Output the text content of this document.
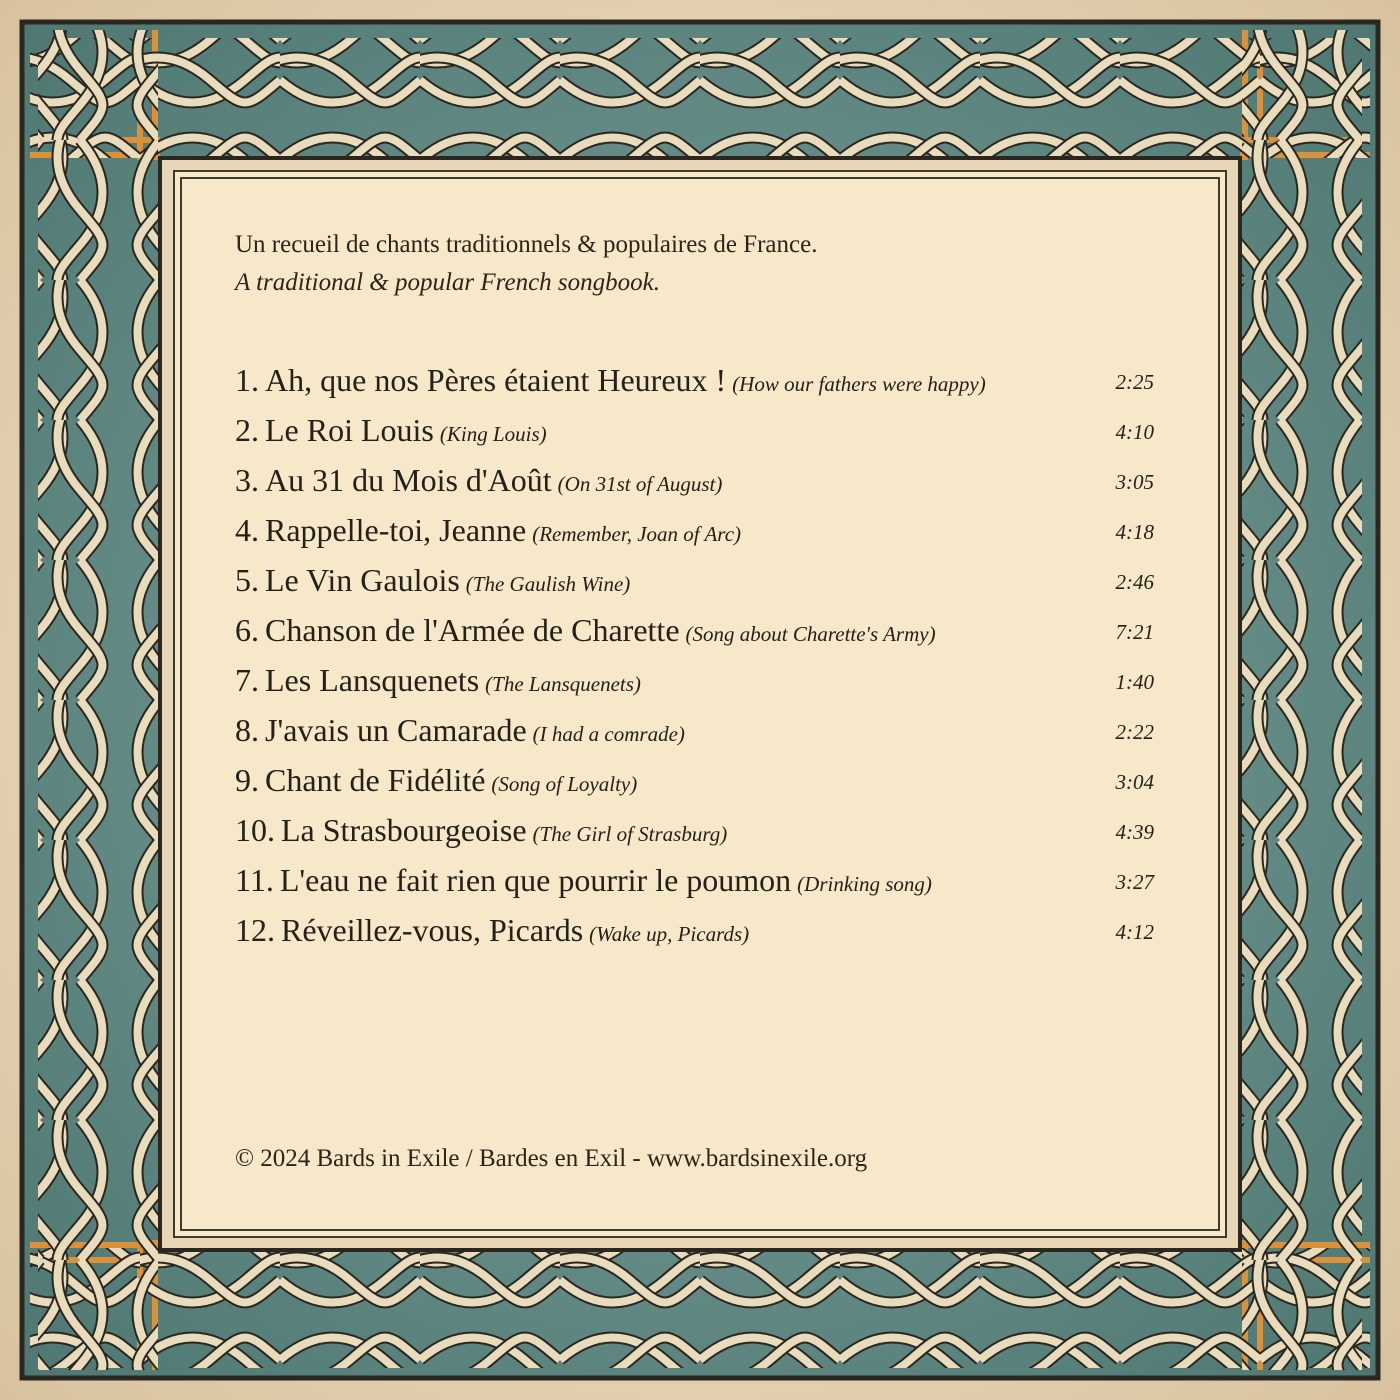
Un recueil de chants traditionnels & populaires de France.

A traditional & popular French songbook.

1. Ah, que nos Pères étaient Heureux ! (How our fathers were happy)	2:25
2. Le Roi Louis (King Louis)	4:10
3. Au 31 du Mois d'Août (On 31st of August)	3:05
4. Rappelle-toi, Jeanne (Remember, Joan of Arc)	4:18
5. Le Vin Gaulois (The Gaulish Wine)	2:46
6. Chanson de l'Armée de Charette (Song about Charette's Army)	7:21
7. Les Lansquenets (The Lansquenets)	1:40
8. J'avais un Camarade (I had a comrade)	2:22
9. Chant de Fidélité (Song of Loyalty)	3:04
10. La Strasbourgeoise (The Girl of Strasburg)	4:39
11. L'eau ne fait rien que pourrir le poumon (Drinking song)	3:27
12. Réveillez-vous, Picards (Wake up, Picards)	4:12

© 2024 Bards in Exile / Bardes en Exil - www.bardsinexile.org
